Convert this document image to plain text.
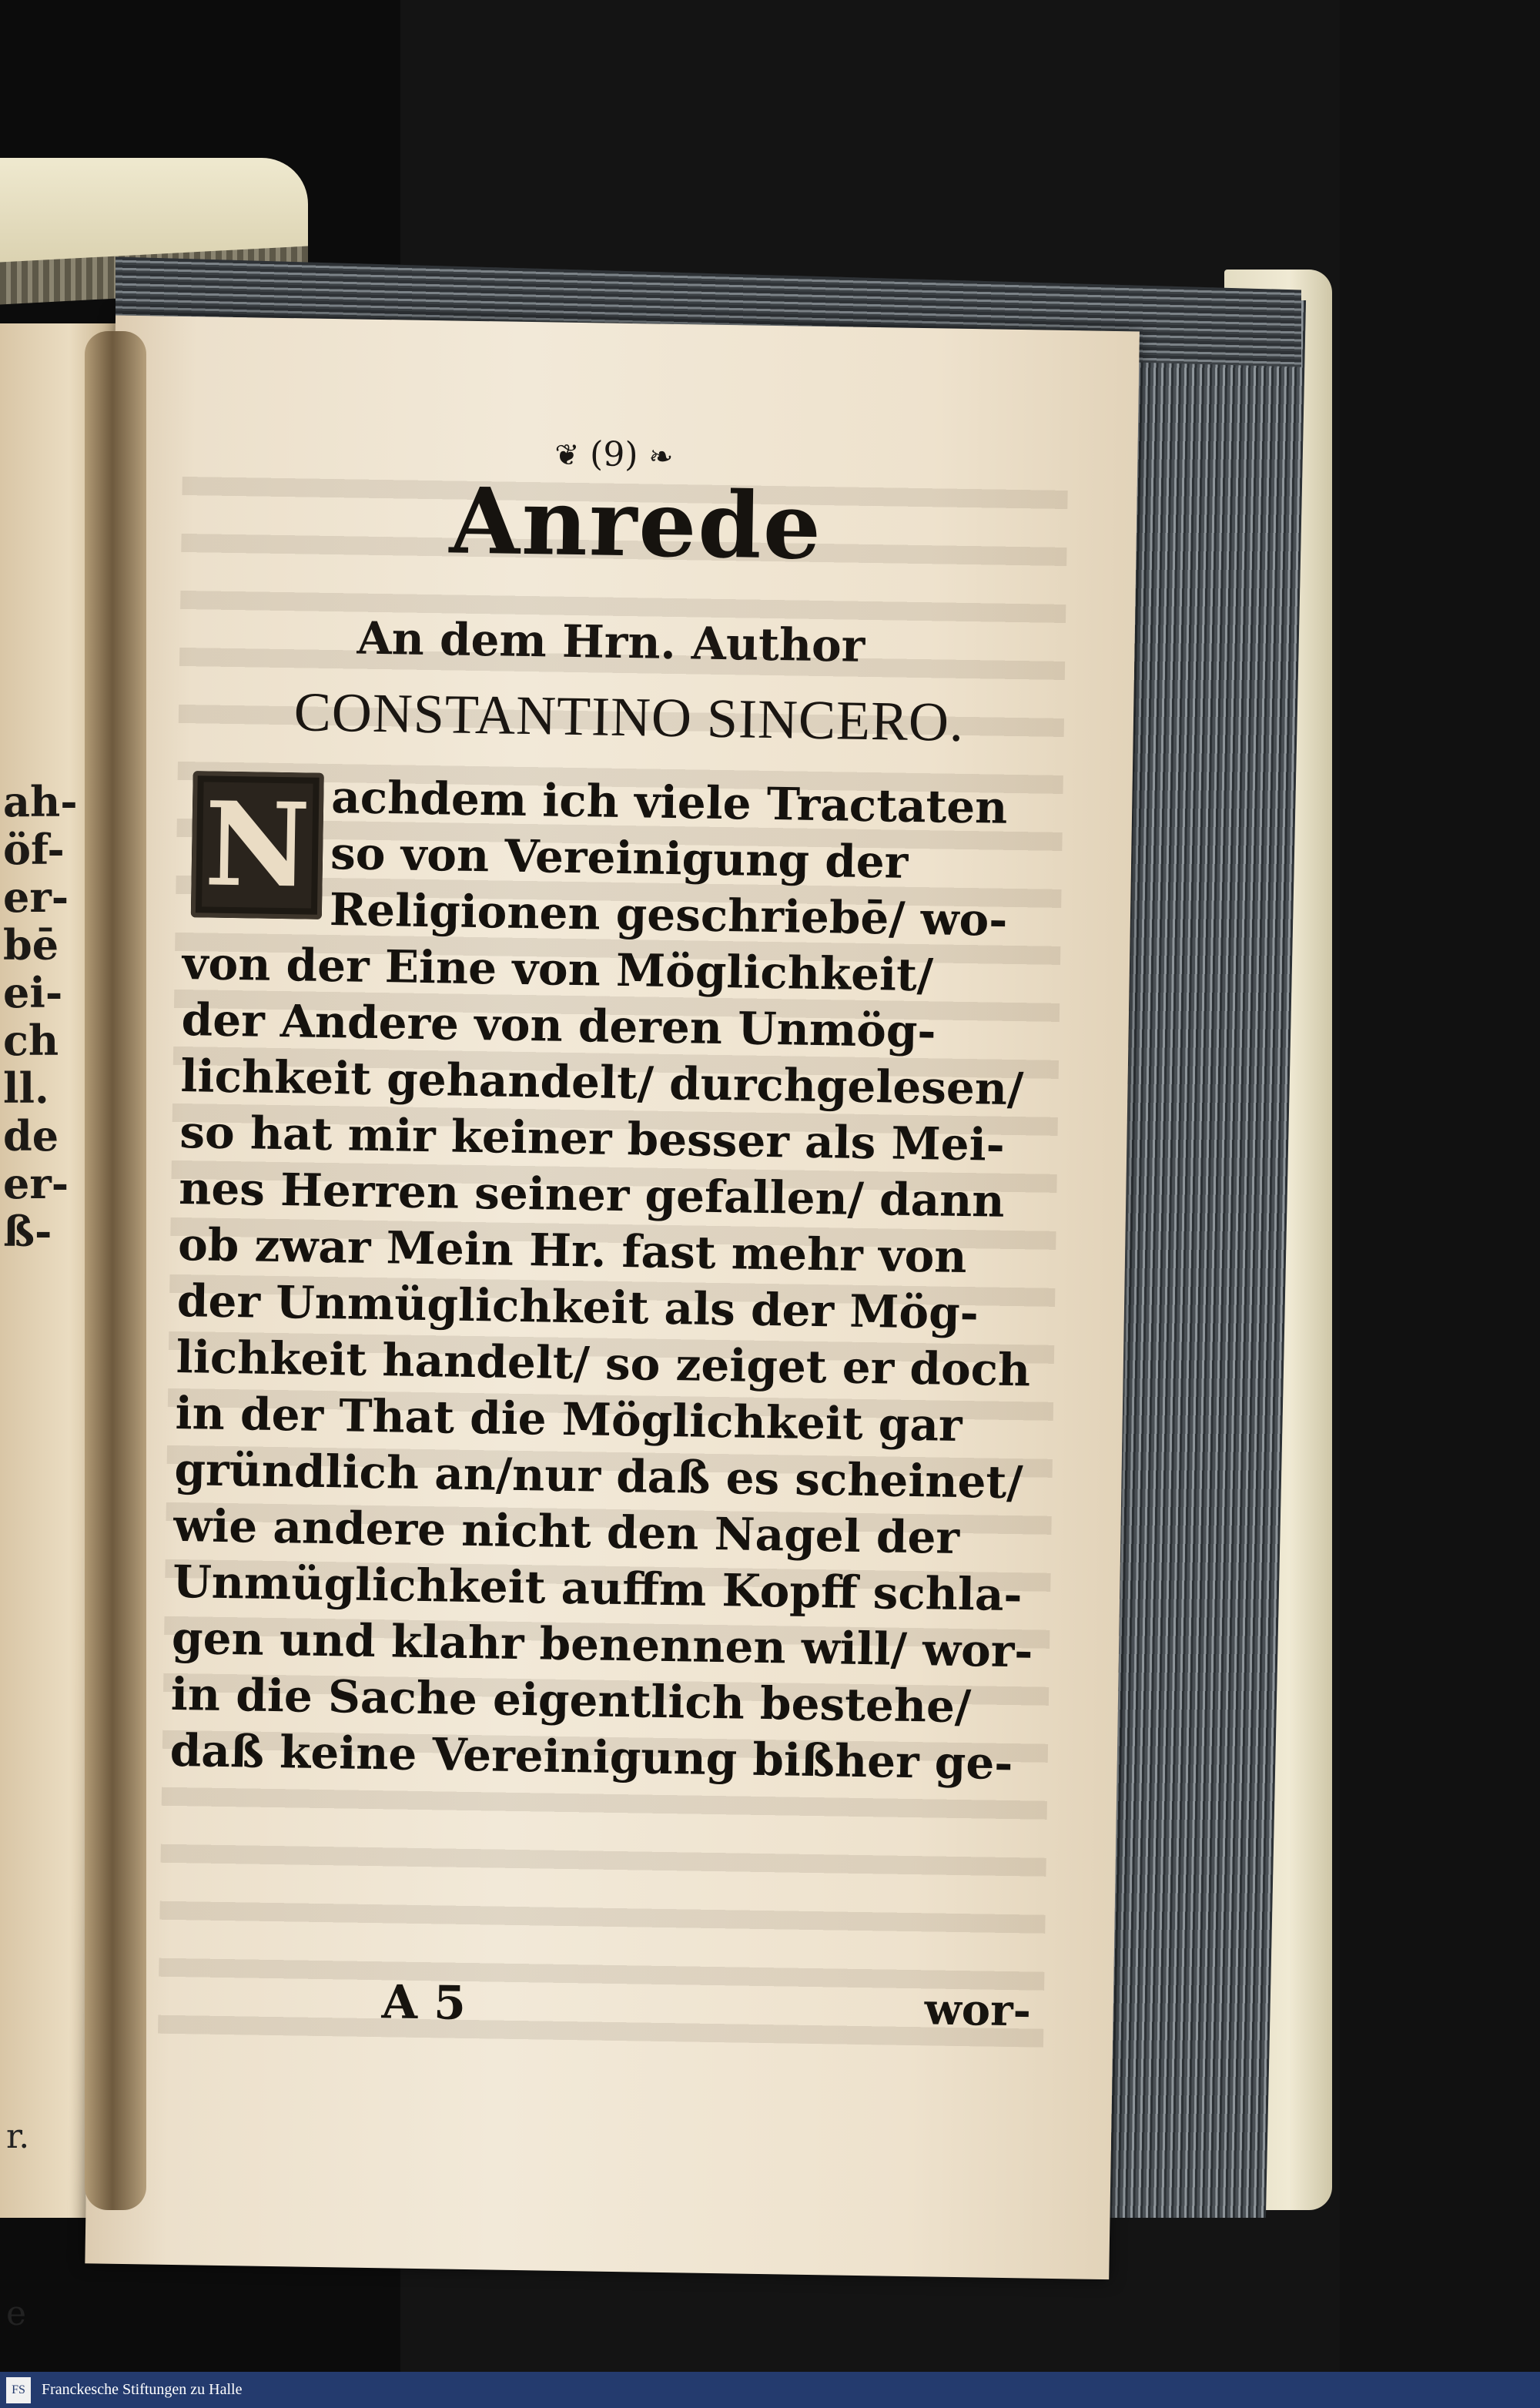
ah-
öf-
er-
bē
ei-
ch
ll.
de
er-
ß-
r.
e
❦ (9) ❧
Anrede
An dem Hrn. Author
CONSTANTINO SINCERO.
N achdem ich viele Tractaten
so von Vereinigung der
Religionen geschriebē/ wo-
von der Eine von Möglichkeit/
der Andere von deren Unmög-
lichkeit gehandelt/ durchgelesen/
so hat mir keiner besser als Mei-
nes Herren seiner gefallen/ dann
ob zwar Mein Hr. fast mehr von
der Unmüglichkeit als der Mög-
lichkeit handelt/ so zeiget er doch
in der That die Möglichkeit gar
gründlich an/nur daß es scheinet/
wie andere nicht den Nagel der
Unmüglichkeit auffm Kopff schla-
gen und klahr benennen will/ wor-
in die Sache eigentlich bestehe/
daß keine Vereinigung bißher ge-
A 5	wor-
FS	Franckesche Stiftungen zu Halle
